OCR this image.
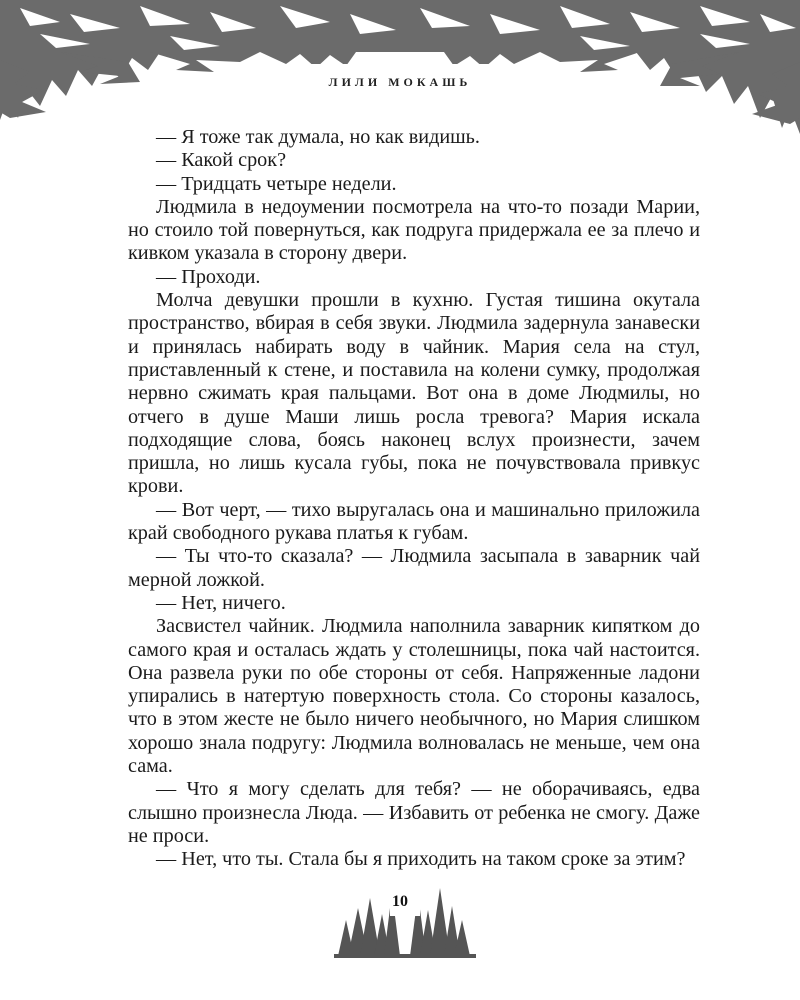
ЛИЛИ МОКАШЬ

— Я тоже так думала, но как видишь.

— Какой срок?

— Тридцать четыре недели.

Людмила в недоумении посмотрела на что-то позади Марии, но стоило той повернуться, как подруга придержала ее за плечо и кивком указала в сторону двери.

— Проходи.

Молча девушки прошли в кухню. Густая тишина окутала пространство, вбирая в себя звуки. Людмила задернула занавески и принялась набирать воду в чайник. Мария села на стул, приставленный к стене, и поставила на колени сумку, продолжая нервно сжимать края пальцами. Вот она в доме Людмилы, но отчего в душе Маши лишь росла тревога? Мария искала подходящие слова, боясь наконец вслух произнести, зачем пришла, но лишь кусала губы, пока не почувствовала привкус крови.

— Вот черт, — тихо выругалась она и машинально приложила край свободного рукава платья к губам.

— Ты что-то сказала? — Людмила засыпала в заварник чай мерной ложкой.

— Нет, ничего.

Засвистел чайник. Людмила наполнила заварник кипятком до самого края и осталась ждать у столешницы, пока чай настоится. Она развела руки по обе стороны от себя. Напряженные ладони упирались в натертую поверхность стола. Со стороны казалось, что в этом жесте не было ничего необычного, но Мария слишком хорошо знала подругу: Людмила волновалась не меньше, чем она сама.

— Что я могу сделать для тебя? — не оборачиваясь, едва слышно произнесла Люда. — Избавить от ребенка не смогу. Даже не проси.

— Нет, что ты. Стала бы я приходить на таком сроке за этим?

10
